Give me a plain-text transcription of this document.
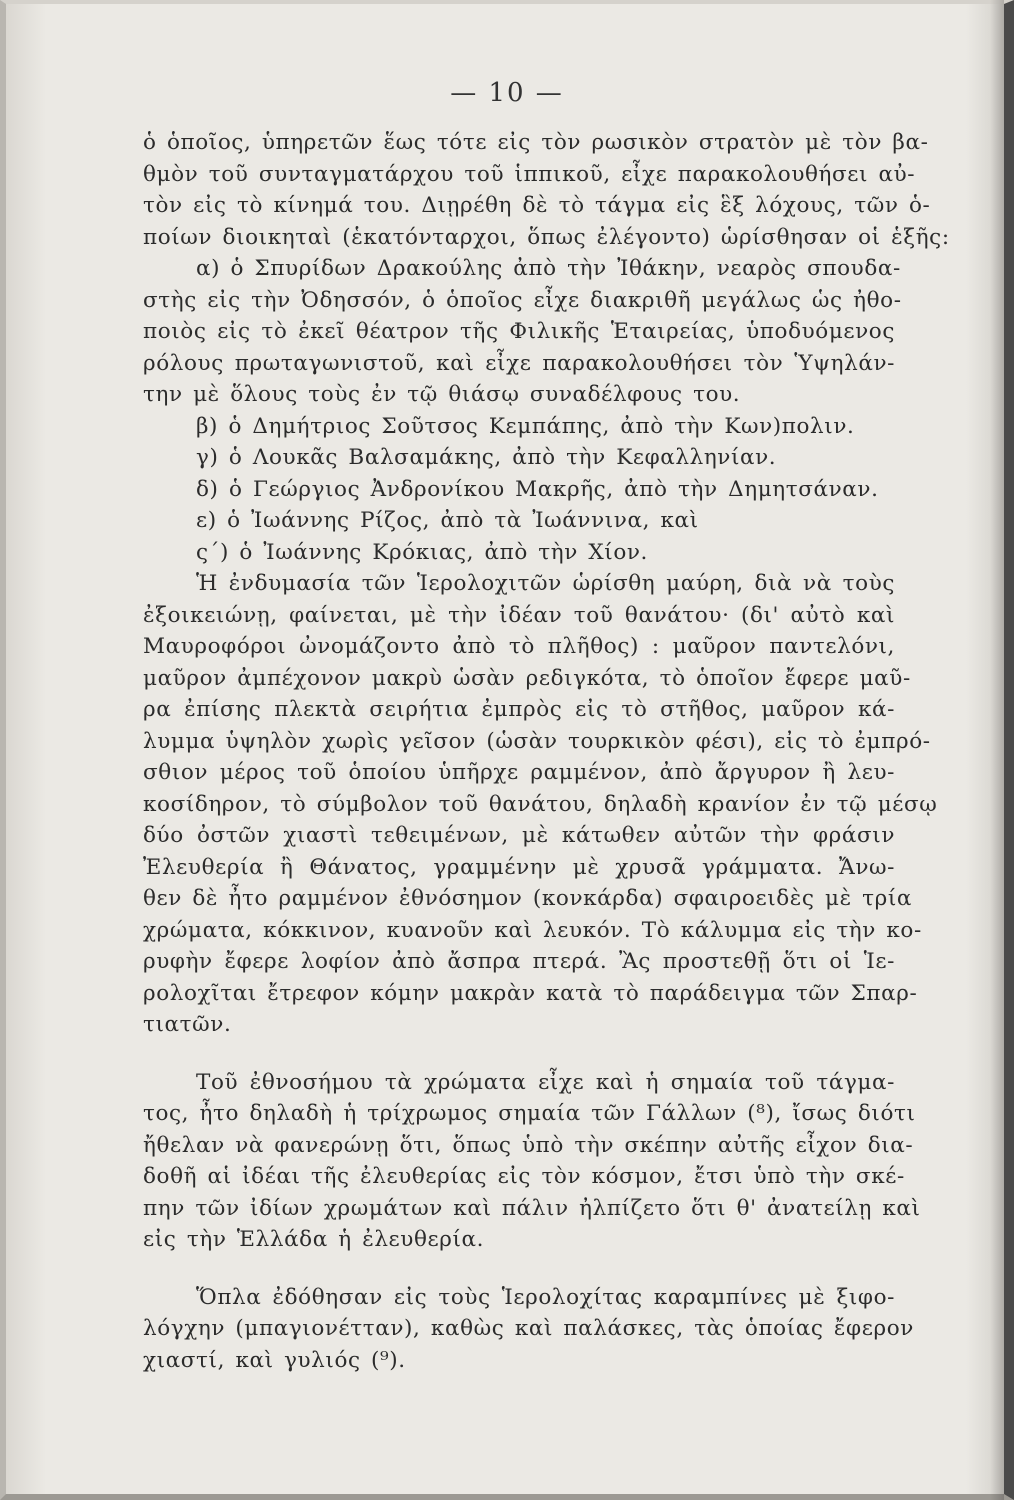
— 10 —
ὁ ὁποῖος, ὑπηρετῶν ἕως τότε εἰς τὸν ρωσικὸν στρατὸν μὲ τὸν βα-
θμὸν τοῦ συνταγματάρχου τοῦ ἱππικοῦ, εἶχε παρακολουθήσει αὐ-
τὸν εἰς τὸ κίνημά του. Διῃρέθη δὲ τὸ τάγμα εἰς ἓξ λόχους, τῶν ὁ-
ποίων διοικηταὶ (ἑκατόνταρχοι, ὅπως ἐλέγοντο) ὡρίσθησαν οἱ ἑξῆς:
α) ὁ Σπυρίδων Δρακούλης ἀπὸ τὴν Ἰθάκην, νεαρὸς σπουδα-
στὴς εἰς τὴν Ὀδησσόν, ὁ ὁποῖος εἶχε διακριθῆ μεγάλως ὡς ἠθο-
ποιὸς εἰς τὸ ἐκεῖ θέατρον τῆς Φιλικῆς Ἑταιρείας, ὑποδυόμενος
ρόλους πρωταγωνιστοῦ, καὶ εἶχε παρακολουθήσει τὸν Ὑψηλάν-
την μὲ ὅλους τοὺς ἐν τῷ θιάσῳ συναδέλφους του.
β) ὁ Δημήτριος Σοῦτσος Κεμπάπης, ἀπὸ τὴν Κων)πολιν.
γ) ὁ Λουκᾶς Βαλσαμάκης, ἀπὸ τὴν Κεφαλληνίαν.
δ) ὁ Γεώργιος Ἀνδρονίκου Μακρῆς, ἀπὸ τὴν Δημητσάναν.
ε) ὁ Ἰωάννης Ρίζος, ἀπὸ τὰ Ἰωάννινα, καὶ
ς´) ὁ Ἰωάννης Κρόκιας, ἀπὸ τὴν Χίον.
Ἡ ἐνδυμασία τῶν Ἱερολοχιτῶν ὡρίσθη μαύρη, διὰ νὰ τοὺς
ἐξοικειώνῃ, φαίνεται, μὲ τὴν ἰδέαν τοῦ θανάτου· (δι' αὐτὸ καὶ
Μαυροφόροι ὠνομάζοντο ἀπὸ τὸ πλῆθος) : μαῦρον παντελόνι,
μαῦρον ἀμπέχονον μακρὺ ὡσὰν ρεδιγκότα, τὸ ὁποῖον ἔφερε μαῦ-
ρα ἐπίσης πλεκτὰ σειρήτια ἐμπρὸς εἰς τὸ στῆθος, μαῦρον κά-
λυμμα ὑψηλὸν χωρὶς γεῖσον (ὡσὰν τουρκικὸν φέσι), εἰς τὸ ἐμπρό-
σθιον μέρος τοῦ ὁποίου ὑπῆρχε ραμμένον, ἀπὸ ἄργυρον ἢ λευ-
κοσίδηρον, τὸ σύμβολον τοῦ θανάτου, δηλαδὴ κρανίον ἐν τῷ μέσῳ
δύο ὀστῶν χιαστὶ τεθειμένων, μὲ κάτωθεν αὐτῶν τὴν φράσιν
Ἐλευθερία ἢ Θάνατος, γραμμένην μὲ χρυσᾶ γράμματα. Ἄνω-
θεν δὲ ἦτο ραμμένον ἐθνόσημον (κονκάρδα) σφαιροειδὲς μὲ τρία
χρώματα, κόκκινον, κυανοῦν καὶ λευκόν. Τὸ κάλυμμα εἰς τὴν κο-
ρυφὴν ἔφερε λοφίον ἀπὸ ἄσπρα πτερά. Ἂς προστεθῇ ὅτι οἱ Ἱε-
ρολοχῖται ἔτρεφον κόμην μακρὰν κατὰ τὸ παράδειγμα τῶν Σπαρ-
τιατῶν.
Τοῦ ἐθνοσήμου τὰ χρώματα εἶχε καὶ ἡ σημαία τοῦ τάγμα-
τος, ἦτο δηλαδὴ ἡ τρίχρωμος σημαία τῶν Γάλλων (⁸), ἴσως διότι
ἤθελαν νὰ φανερώνῃ ὅτι, ὅπως ὑπὸ τὴν σκέπην αὐτῆς εἶχον δια-
δοθῆ αἱ ἰδέαι τῆς ἐλευθερίας εἰς τὸν κόσμον, ἔτσι ὑπὸ τὴν σκέ-
πην τῶν ἰδίων χρωμάτων καὶ πάλιν ἠλπίζετο ὅτι θ' ἀνατείλῃ καὶ
εἰς τὴν Ἑλλάδα ἡ ἐλευθερία.
Ὅπλα ἐδόθησαν εἰς τοὺς Ἱερολοχίτας καραμπίνες μὲ ξιφο-
λόγχην (μπαγιονέτταν), καθὼς καὶ παλάσκες, τὰς ὁποίας ἔφερον
χιαστί, καὶ γυλιός (⁹).
